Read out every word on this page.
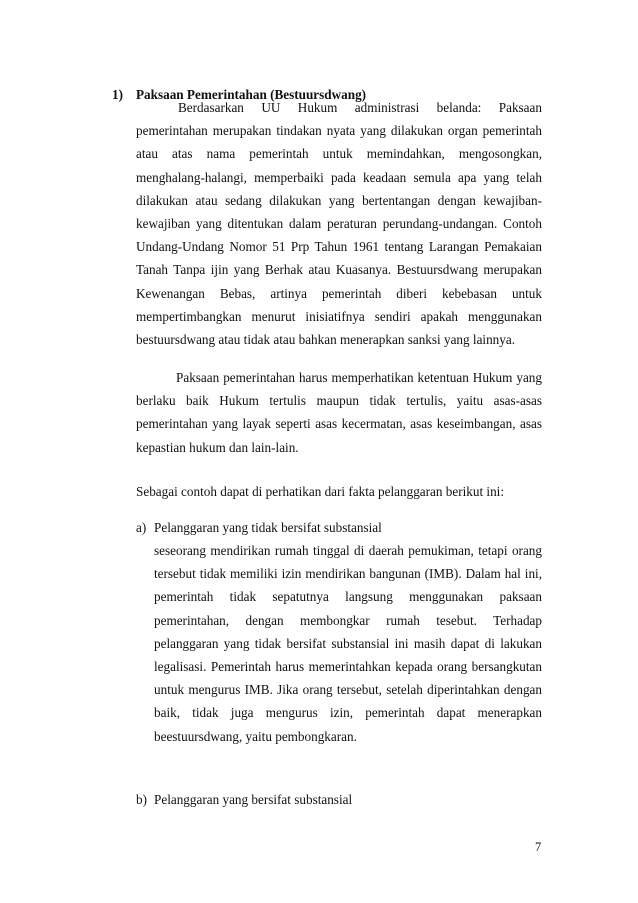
1) Paksaan Pemerintahan (Bestuursdwang)

Berdasarkan UU Hukum administrasi belanda: Paksaan pemerintahan merupakan tindakan nyata yang dilakukan organ pemerintah atau atas nama pemerintah untuk memindahkan, mengosongkan, menghalang-halangi, memperbaiki pada keadaan semula apa yang telah dilakukan atau sedang dilakukan yang bertentangan dengan kewajiban-kewajiban yang ditentukan dalam peraturan perundang-undangan. Contoh Undang-Undang Nomor 51 Prp Tahun 1961 tentang Larangan Pemakaian Tanah Tanpa ijin yang Berhak atau Kuasanya. Bestuursdwang merupakan Kewenangan Bebas, artinya pemerintah diberi kebebasan untuk mempertimbangkan menurut inisiatifnya sendiri apakah menggunakan bestuursdwang atau tidak atau bahkan menerapkan sanksi yang lainnya.

Paksaan pemerintahan harus memperhatikan ketentuan Hukum yang berlaku baik Hukum tertulis maupun tidak tertulis, yaitu asas-asas pemerintahan yang layak seperti asas kecermatan, asas keseimbangan, asas kepastian hukum dan lain-lain.

Sebagai contoh dapat di perhatikan dari fakta pelanggaran berikut ini:

a) Pelanggaran yang tidak bersifat substansial

seseorang mendirikan rumah tinggal di daerah pemukiman, tetapi orang tersebut tidak memiliki izin mendirikan bangunan (IMB). Dalam hal ini, pemerintah tidak sepatutnya langsung menggunakan paksaan pemerintahan, dengan membongkar rumah tesebut. Terhadap pelanggaran yang tidak bersifat substansial ini masih dapat di lakukan legalisasi. Pemerintah harus memerintahkan kepada orang bersangkutan untuk mengurus IMB. Jika orang tersebut, setelah diperintahkan dengan baik, tidak juga mengurus izin, pemerintah dapat menerapkan beestuursdwang, yaitu pembongkaran.

b) Pelanggaran yang bersifat substansial
7
